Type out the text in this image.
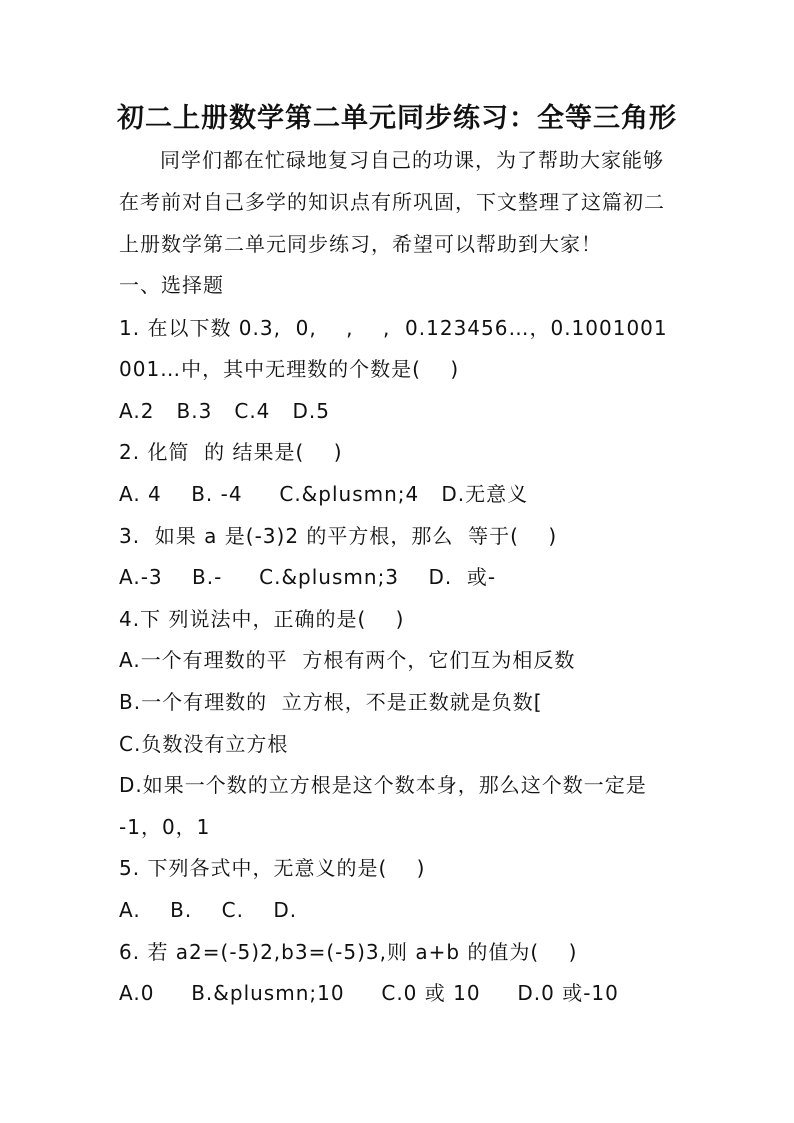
初二上册数学第二单元同步练习：全等三角形
同学们都在忙碌地复习自己的功课，为了帮助大家能够
在考前对自己多学的知识点有所巩固，下文整理了这篇初二
上册数学第二单元同步练习，希望可以帮助到大家！
一、选择题
1. 在以下数 0.3,  0,    ,    ,  0.123456…，0.1001001
001…中，其中无理数的个数是(    )
A.2   B.3   C.4   D.5
2. 化简  的 结果是(    )
A. 4    B. -4     C.&plusmn;4   D.无意义
3.  如果 a 是(-3)2 的平方根，那么  等于(    )
A.-3    B.-     C.&plusmn;3    D.  或-
4.下 列说法中，正确的是(    )
A.一个有理数的平  方根有两个，它们互为相反数
B.一个有理数的  立方根，不是正数就是负数[
C.负数没有立方根
D.如果一个数的立方根是这个数本身，那么这个数一定是
-1，0，1
5. 下列各式中，无意义的是(    )
A.    B.    C.    D.
6. 若 a2=(-5)2,b3=(-5)3,则 a+b 的值为(    )
A.0     B.&plusmn;10     C.0 或 10     D.0 或-10
